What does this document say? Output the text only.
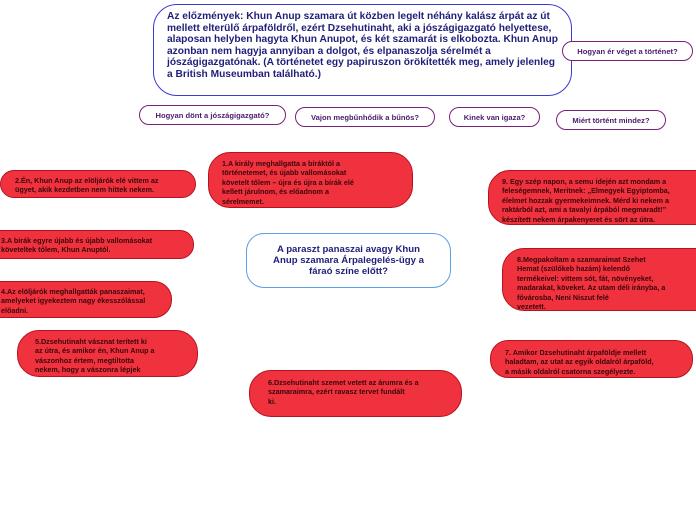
Az előzmények: Khun Anup szamara út közben legelt néhány kalász árpát az út mellett elterülő árpaföldről, ezért Dzsehutinaht, aki a jószágigazgató helyettese, alaposan helyben hagyta Khun Anupot, és két szamarát is elkobozta. Khun Anup azonban nem hagyja annyiban a dolgot, és elpanaszolja sérelmét a jószágigazgatónak. (A történetet egy papiruszon örökítették meg, amely jelenleg a British Museumban található.)
Hogyan ér véget a történet?
Hogyan dönt a jószágigazgató?	Vajon megbűnhődik a bűnös?	Kinek van igaza?	Miért történt mindez?
A paraszt panaszai avagy Khun Anup szamara Árpalegelés-ügy a fáraó színe előtt?
1.A király meghallgatta a bíráktól a
történetemet, és újabb vallomásokat
követelt tőlem – újra és újra a bírák elé
kellett járulnom, és előadnom a
sérelmemet.
2.Én, Khun Anup az elöljárók elé vittem az
ügyet, akik kezdetben nem hittek nekem.
3.A bírák egyre újabb és újabb vallomásokat
követeltek tőlem, Khun Anuptól.
4.Az elöljárók meghallgatták panaszaimat,
amelyeket igyekeztem nagy ékesszólással
előadni.
5.Dzsehutinaht vásznat terített ki
az útra, és amikor én, Khun Anup a
vászonhoz értem, megtiltotta
nekem, hogy a vászonra lépjek
6.Dzsehutinaht szemet vetett az árumra és a
szamaraimra, ezért ravasz tervet fundált
ki.
7. Amikor Dzsehutinaht árpaföldje mellett
haladtam, az utat az egyik oldalról árpaföld,
a másik oldalról csatorna szegélyezte.
8.Megpakoltam a szamaraimat Szehet
Hemat (szülőkeb hazám) kelendő
termékeivel: vittem sót, fát, növényeket,
madarakat, köveket. Az utam déli irányba, a
fővárosba, Neni Niszut felé
vezetett.
9. Egy szép napon, a semu idején azt mondam a
feleségemnek, Meritnek: „Elmegyek Egyiptomba,
élelmet hozzak gyermekeimnek. Mérd ki nekem a
raktárból azt, ami a tavalyi árpából megmaradt!”
készített nekem árpakenyeret és sört az útra.
